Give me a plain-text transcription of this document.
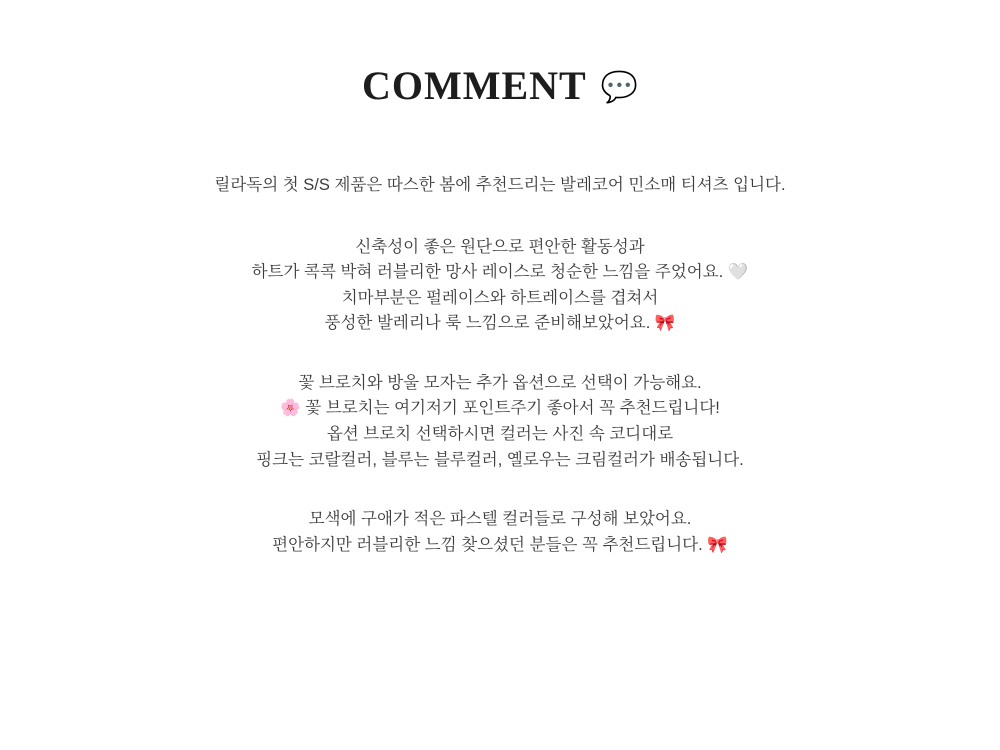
COMMENT 💬

릴라독의 첫 S/S 제품은 따스한 봄에 추천드리는 발레코어 민소매 티셔츠 입니다.

신축성이 좋은 원단으로 편안한 활동성과
하트가 콕콕 박혀 러블리한 망사 레이스로 청순한 느낌을 주었어요. 🤍
치마부분은 펄레이스와 하트레이스를 겹쳐서
풍성한 발레리나 룩 느낌으로 준비해보았어요. 🎀

꽃 브로치와 방울 모자는 추가 옵션으로 선택이 가능해요.
🌸 꽃 브로치는 여기저기 포인트주기 좋아서 꼭 추천드립니다!
옵션 브로치 선택하시면 컬러는 사진 속 코디대로
핑크는 코랄컬러, 블루는 블루컬러, 옐로우는 크림컬러가 배송됩니다.

모색에 구애가 적은 파스텔 컬러들로 구성해 보았어요.
편안하지만 러블리한 느낌 찾으셨던 분들은 꼭 추천드립니다. 🎀
